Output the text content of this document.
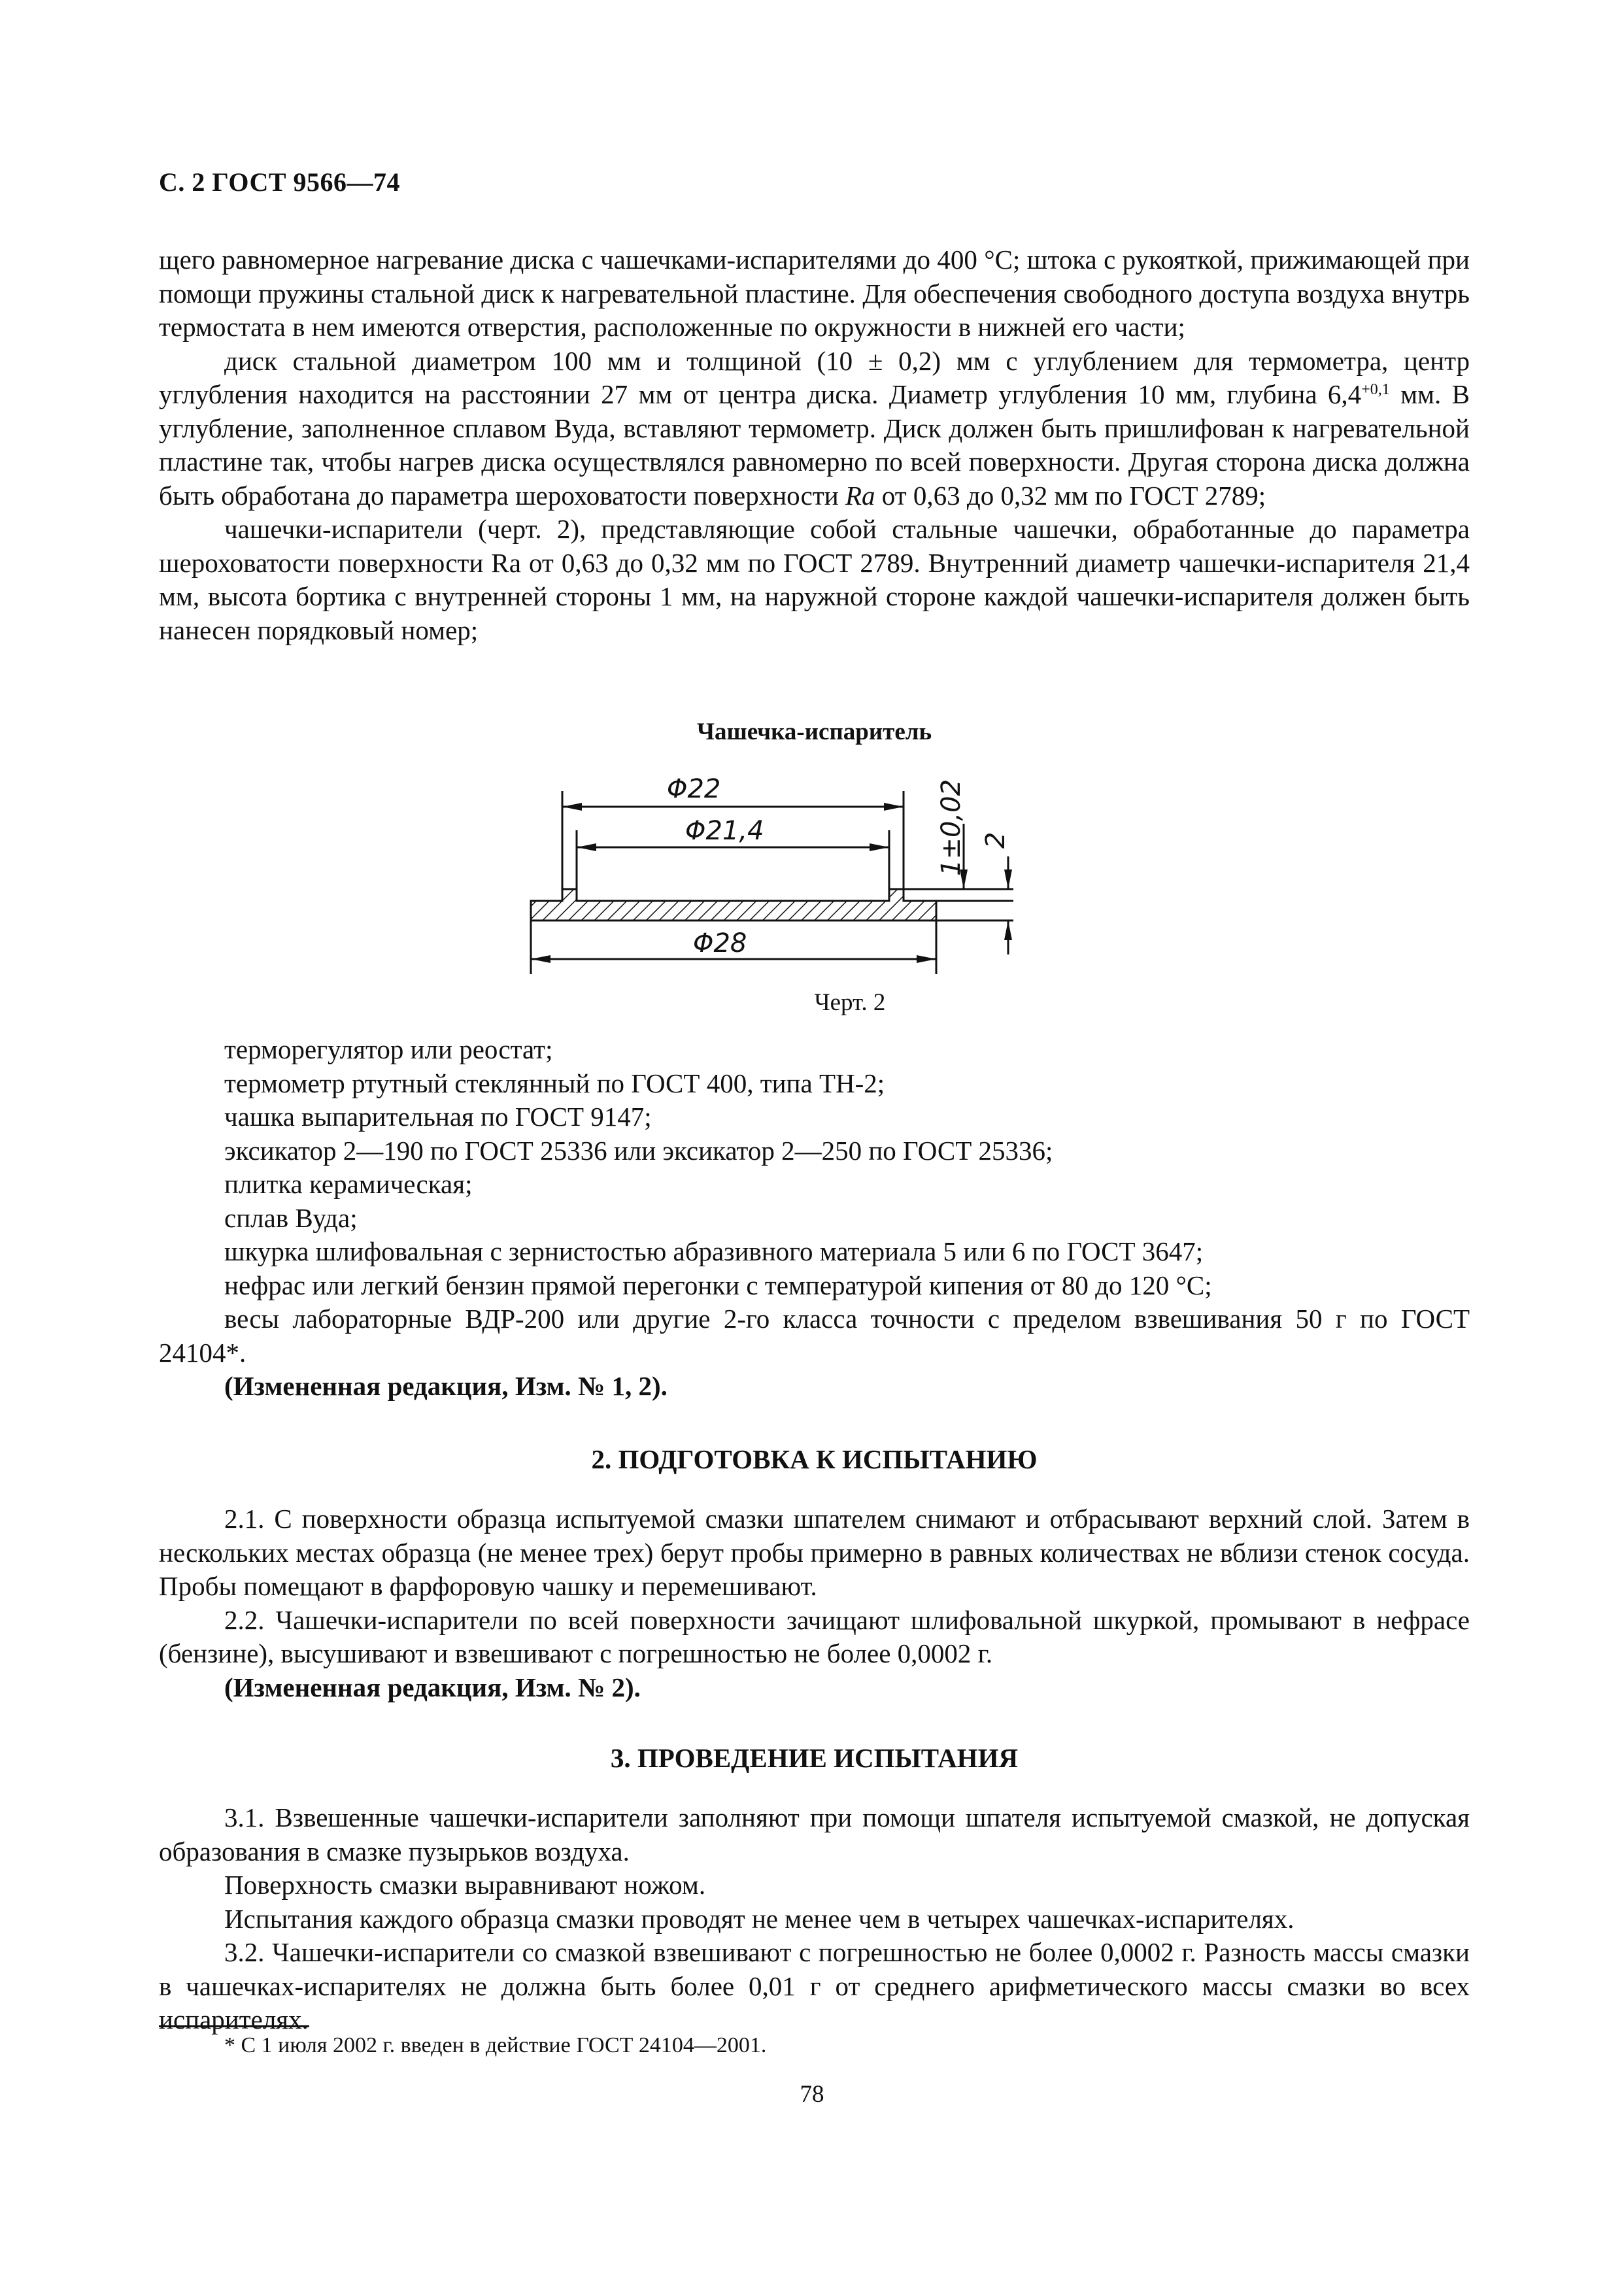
С. 2 ГОСТ 9566—74

щего равномерное нагревание диска с чашечками-испарителями до 400 °С; штока с рукояткой, прижимающей при помощи пружины стальной диск к нагревательной пластине. Для обеспечения свободного доступа воздуха внутрь термостата в нем имеются отверстия, расположенные по окружности в нижней его части;

диск стальной диаметром 100 мм и толщиной (10 ± 0,2) мм с углублением для термометра, центр углубления находится на расстоянии 27 мм от центра диска. Диаметр углубления 10 мм, глубина $6,4^{+0,1}$ мм. В углубление, заполненное сплавом Вуда, вставляют термометр. Диск должен быть пришлифован к нагревательной пластине так, чтобы нагрев диска осуществлялся равномерно по всей поверхности. Другая сторона диска должна быть обработана до параметра шероховатости поверхности Ra от 0,63 до 0,32 мм по ГОСТ 2789;

чашечки-испарители (черт. 2), представляющие собой стальные чашечки, обработанные до параметра шероховатости поверхности Ra от 0,63 до 0,32 мм по ГОСТ 2789. Внутренний диаметр чашечки-испарителя 21,4 мм, высота бортика с внутренней стороны 1 мм, на наружной стороне каждой чашечки-испарителя должен быть нанесен порядковый номер;

Чашечка-испаритель
Φ22
Φ21,4
Φ28
1±0,02 2
Черт. 2

терморегулятор или реостат;

термометр ртутный стеклянный по ГОСТ 400, типа ТН-2;

чашка выпарительная по ГОСТ 9147;

эксикатор 2—190 по ГОСТ 25336 или эксикатор 2—250 по ГОСТ 25336;

плитка керамическая;

сплав Вуда;

шкурка шлифовальная с зернистостью абразивного материала 5 или 6 по ГОСТ 3647;

нефрас или легкий бензин прямой перегонки с температурой кипения от 80 до 120 °С;

весы лабораторные ВДР-200 или другие 2-го класса точности с пределом взвешивания 50 г по ГОСТ 24104*.

(Измененная редакция, Изм. № 1, 2).

2. ПОДГОТОВКА К ИСПЫТАНИЮ

2.1. С поверхности образца испытуемой смазки шпателем снимают и отбрасывают верхний слой. Затем в нескольких местах образца (не менее трех) берут пробы примерно в равных количествах не вблизи стенок сосуда. Пробы помещают в фарфоровую чашку и перемешивают.

2.2. Чашечки-испарители по всей поверхности зачищают шлифовальной шкуркой, промывают в нефрасе (бензине), высушивают и взвешивают с погрешностью не более 0,0002 г.

(Измененная редакция, Изм. № 2).

3. ПРОВЕДЕНИЕ ИСПЫТАНИЯ

3.1. Взвешенные чашечки-испарители заполняют при помощи шпателя испытуемой смазкой, не допуская образования в смазке пузырьков воздуха.

Поверхность смазки выравнивают ножом.

Испытания каждого образца смазки проводят не менее чем в четырех чашечках-испарителях.

3.2. Чашечки-испарители со смазкой взвешивают с погрешностью не более 0,0002 г. Разность массы смазки в чашечках-испарителях не должна быть более 0,01 г от среднего арифметического массы смазки во всех испарителях.

* С 1 июля 2002 г. введен в действие ГОСТ 24104—2001.
78
